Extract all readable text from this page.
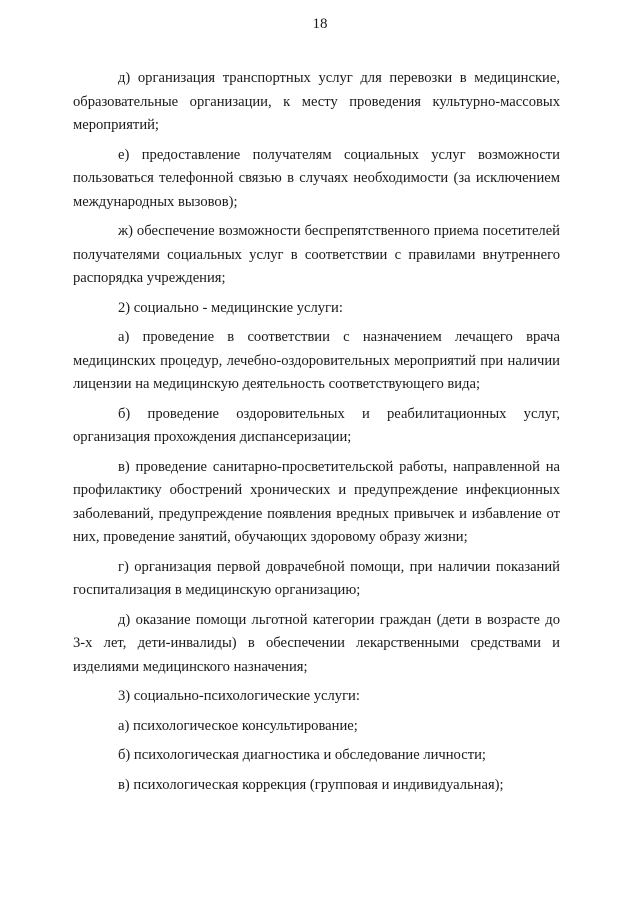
18

д) организация транспортных услуг для перевозки в медицинские, образовательные организации, к месту проведения культурно-массовых мероприятий;

е) предоставление получателям социальных услуг возможности пользоваться телефонной связью в случаях необходимости (за исключением международных вызовов);

ж) обеспечение возможности беспрепятственного приема посетителей получателями социальных услуг в соответствии с правилами внутреннего распорядка учреждения;

2) социально - медицинские услуги:

а) проведение в соответствии с назначением лечащего врача медицинских процедур, лечебно-оздоровительных мероприятий при наличии лицензии на медицинскую деятельность соответствующего вида;

б) проведение оздоровительных и реабилитационных услуг, организация прохождения диспансеризации;

в) проведение санитарно-просветительской работы, направленной на профилактику обострений хронических и предупреждение инфекционных заболеваний, предупреждение появления вредных привычек и избавление от них, проведение занятий, обучающих здоровому образу жизни;

г) организация первой доврачебной помощи, при наличии показаний госпитализация в медицинскую организацию;

д) оказание помощи льготной категории граждан (дети в возрасте до 3-х лет, дети-инвалиды) в обеспечении лекарственными средствами и изделиями медицинского назначения;

3) социально-психологические услуги:

а) психологическое консультирование;

б) психологическая диагностика и обследование личности;

в) психологическая коррекция (групповая и индивидуальная);
